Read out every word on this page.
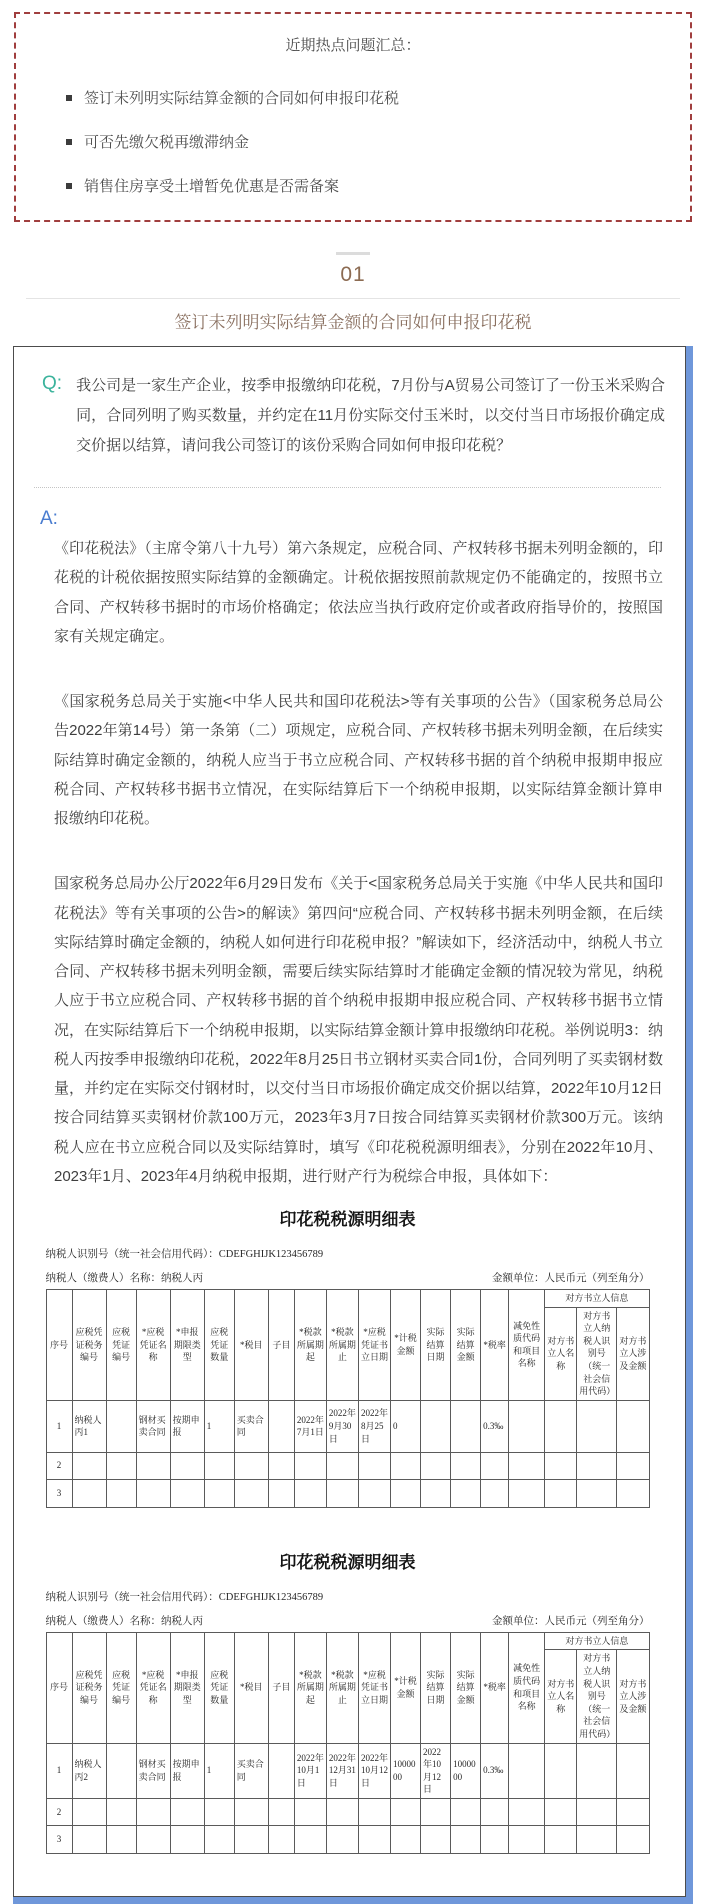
近期热点问题汇总：
签订未列明实际结算金额的合同如何申报印花税
可否先缴欠税再缴滞纳金
销售住房享受土增暂免优惠是否需备案
01
签订未列明实际结算金额的合同如何申报印花税
Q: 我公司是一家生产企业，按季申报缴纳印花税，7月份与A贸易公司签订了一份玉米采购合同，合同列明了购买数量，并约定在11月份实际交付玉米时，以交付当日市场报价确定成交价据以结算，请问我公司签订的该份采购合同如何申报印花税？
A:

《印花税法》（主席令第八十九号）第六条规定，应税合同、产权转移书据未列明金额的，印花税的计税依据按照实际结算的金额确定。计税依据按照前款规定仍不能确定的，按照书立合同、产权转移书据时的市场价格确定；依法应当执行政府定价或者政府指导价的，按照国家有关规定确定。

《国家税务总局关于实施<中华人民共和国印花税法>等有关事项的公告》（国家税务总局公告2022年第14号）第一条第（二）项规定，应税合同、产权转移书据未列明金额，在后续实际结算时确定金额的，纳税人应当于书立应税合同、产权转移书据的首个纳税申报期申报应税合同、产权转移书据书立情况，在实际结算后下一个纳税申报期，以实际结算金额计算申报缴纳印花税。

国家税务总局办公厅2022年6月29日发布《关于<国家税务总局关于实施《中华人民共和国印花税法》等有关事项的公告>的解读》第四问“应税合同、产权转移书据未列明金额，在后续实际结算时确定金额的，纳税人如何进行印花税申报？”解读如下，经济活动中，纳税人书立合同、产权转移书据未列明金额，需要后续实际结算时才能确定金额的情况较为常见，纳税人应于书立应税合同、产权转移书据的首个纳税申报期申报应税合同、产权转移书据书立情况，在实际结算后下一个纳税申报期，以实际结算金额计算申报缴纳印花税。举例说明3：纳税人丙按季申报缴纳印花税，2022年8月25日书立钢材买卖合同1份，合同列明了买卖钢材数量，并约定在实际交付钢材时，以交付当日市场报价确定成交价据以结算，2022年10月12日按合同结算买卖钢材价款100万元，2023年3月7日按合同结算买卖钢材价款300万元。该纳税人应在书立应税合同以及实际结算时，填写《印花税税源明细表》，分别在2022年10月、2023年1月、2023年4月纳税申报期，进行财产行为税综合申报，具体如下：

印花税税源明细表
纳税人识别号（统一社会信用代码）：CDEFGHIJK123456789
纳税人（缴费人）名称：纳税人丙	金额单位：人民币元（列至角分）
序号	应税凭证税务编号	应税凭证编号	*应税凭证名称	*申报期限类型	应税凭证数量	*税目	子目	*税款所属期起	*税款所属期止	*应税凭证书立日期	*计税金额	实际结算日期	实际结算金额	*税率	减免性质代码和项目名称	对方书立人信息		
																对方书立人名称	对方书立人纳税人识别号（统一社会信用代码）	对方书立人涉及金额
1	纳税人丙1		钢材买卖合同	按期申报	1	买卖合同		2022年7月1日	2022年9月30日	2022年8月25日	0			0.3‰				
2																		
3																		
印花税税源明细表
纳税人识别号（统一社会信用代码）：CDEFGHIJK123456789
纳税人（缴费人）名称：纳税人丙	金额单位：人民币元（列至角分）
序号	应税凭证税务编号	应税凭证编号	*应税凭证名称	*申报期限类型	应税凭证数量	*税目	子目	*税款所属期起	*税款所属期止	*应税凭证书立日期	*计税金额	实际结算日期	实际结算金额	*税率	减免性质代码和项目名称	对方书立人信息		
																对方书立人名称	对方书立人纳税人识别号（统一社会信用代码）	对方书立人涉及金额
1	纳税人丙2		钢材买卖合同	按期申报	1	买卖合同		2022年10月1日	2022年12月31日	2022年10月12日	1000000	2022年10月12日	1000000	0.3‰				
2																		
3																		
